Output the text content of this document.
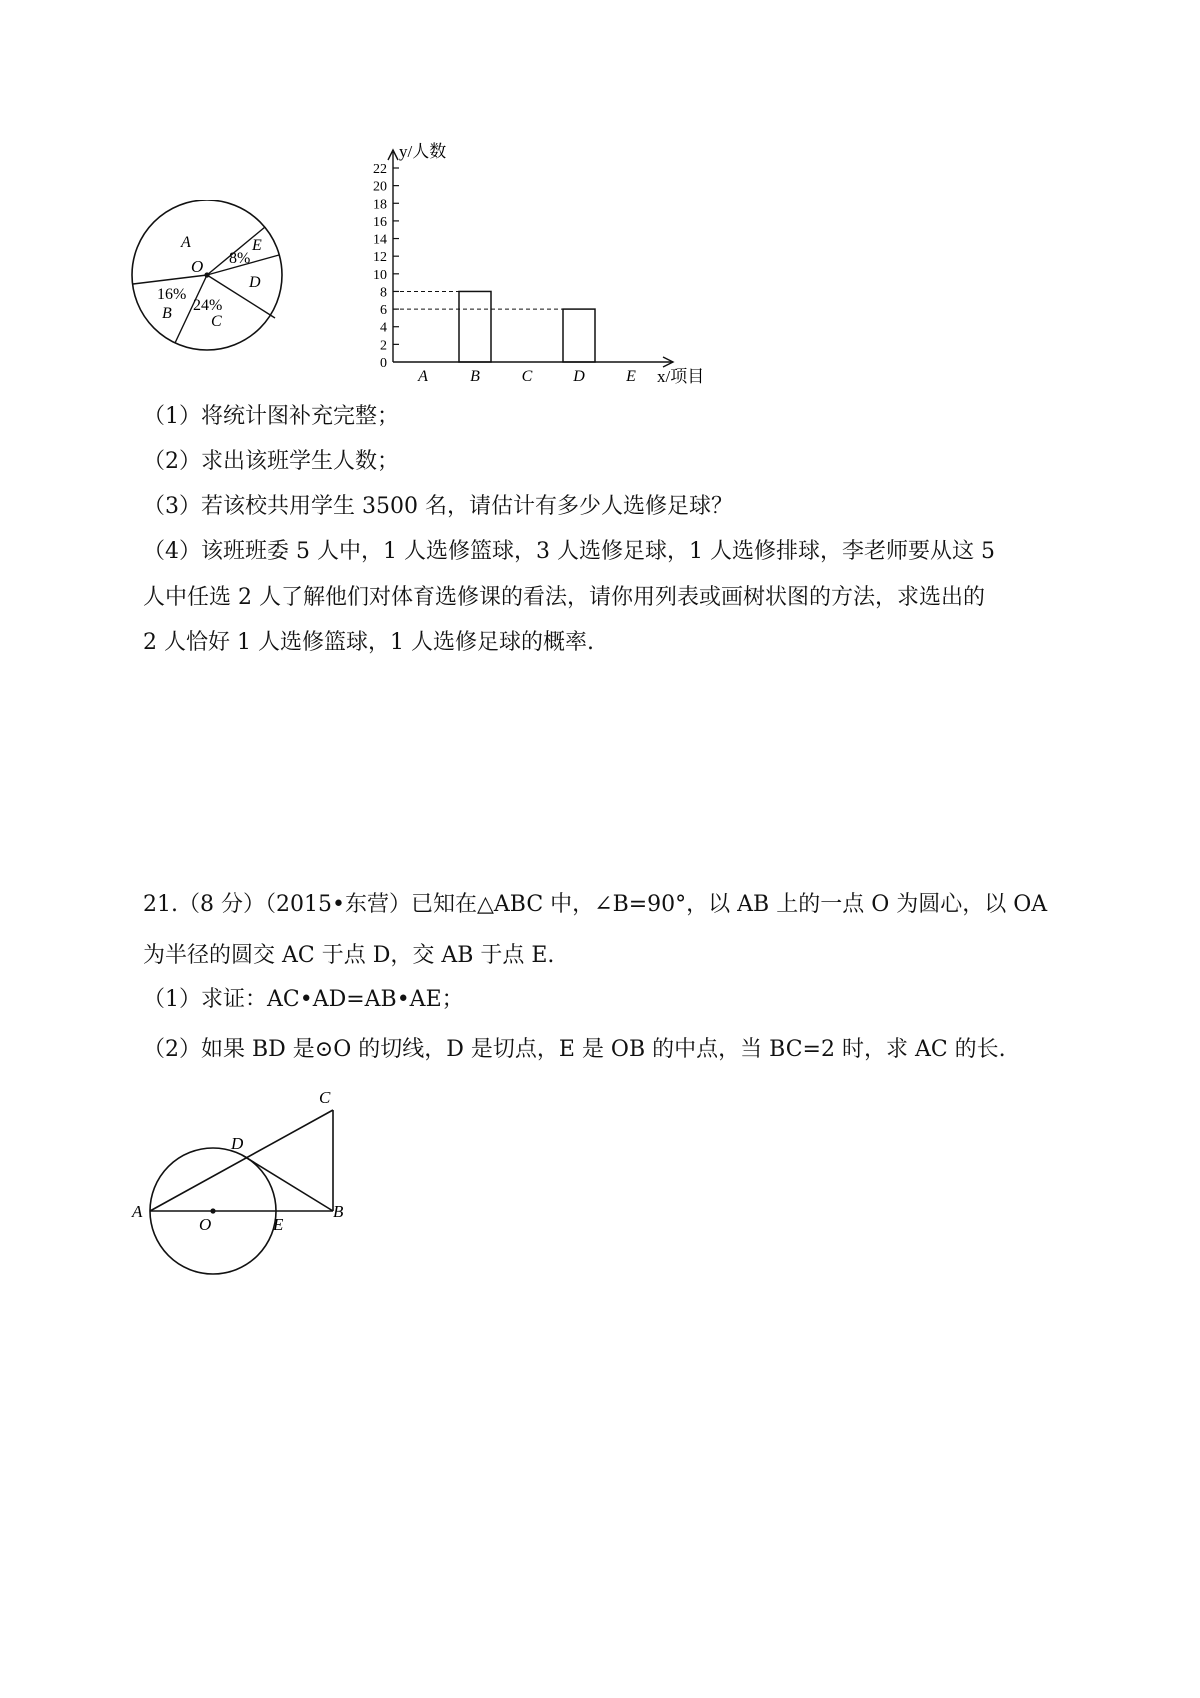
O
A	E
8%
D
24%
C
16%
B
0
2
4
6
8
10
12
14
16
18
20
22
A	B	C	D	E
y/人数
x/项目
（1）将统计图补充完整；
（2）求出该班学生人数；
（3）若该校共用学生 3500 名，请估计有多少人选修足球？
（4）该班班委 5 人中，1 人选修篮球，3 人选修足球，1 人选修排球，李老师要从这 5
人中任选 2 人了解他们对体育选修课的看法，请你用列表或画树状图的方法，求选出的
2 人恰好 1 人选修篮球，1 人选修足球的概率.
21.（8 分）（2015•东营）已知在△ABC 中，∠B=90°，以 AB 上的一点 O 为圆心，以 OA
为半径的圆交 AC 于点 D，交 AB 于点 E.
（1）求证：AC•AD=AB•AE；
（2）如果 BD 是⊙O 的切线，D 是切点，E 是 OB 的中点，当 BC=2 时，求 AC 的长.
A
O	E
B
D
C
